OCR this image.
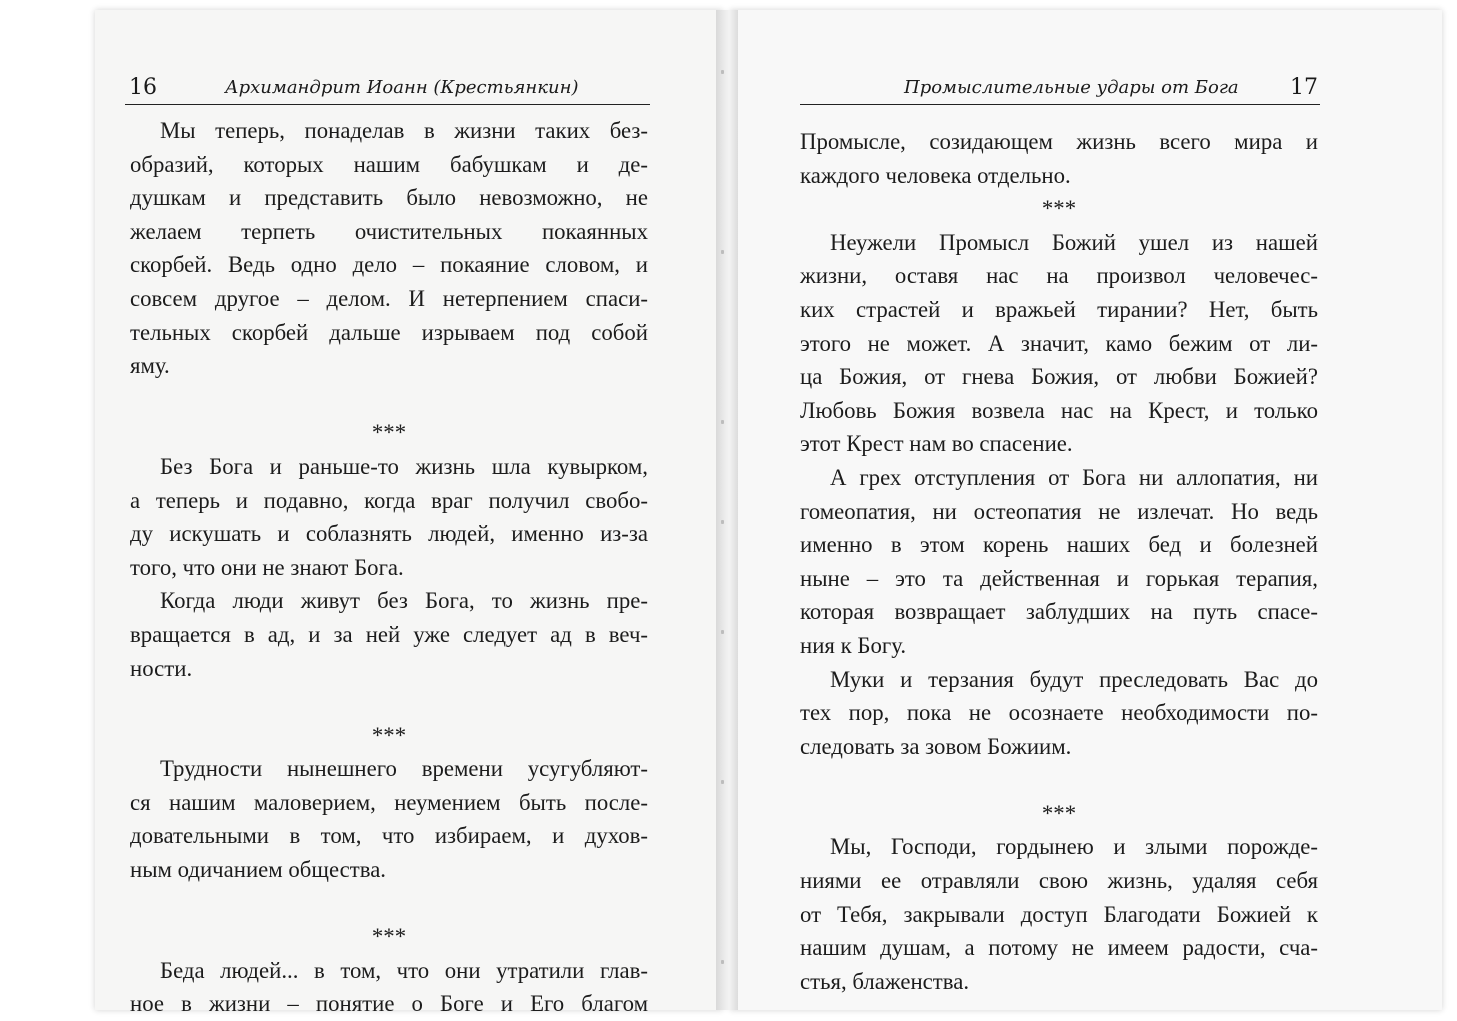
16	Архимандрит Иоанн (Крестьянкин)	Промыслительные удары от Бога 17
Мы теперь, понаделав в жизни таких без-
образий, которых нашим бабушкам и де-
душкам и представить было невозможно, не
желаем терпеть очистительных покаянных
скорбей. Ведь одно дело – покаяние словом, и
совсем другое – делом. И нетерпением спаси-
тельных скорбей дальше изрываем под собой
яму.
***
Без Бога и раньше-то жизнь шла кувырком,
а теперь и подавно, когда враг получил свобо-
ду искушать и соблазнять людей, именно из-за
того, что они не знают Бога.
Когда люди живут без Бога, то жизнь пре-
вращается в ад, и за ней уже следует ад в веч-
ности.
***
Трудности нынешнего времени усугубляют-
ся нашим маловерием, неумением быть после-
довательными в том, что избираем, и духов-
ным одичанием общества.
***
Беда людей... в том, что они утратили глав-
ное в жизни – понятие о Боге и Его благом
Промысле, созидающем жизнь всего мира и
каждого человека отдельно.
***
Неужели Промысл Божий ушел из нашей
жизни, оставя нас на произвол человечес-
ких страстей и вражьей тирании? Нет, быть
этого не может. А значит, камо бежим от ли-
ца Божия, от гнева Божия, от любви Божией?
Любовь Божия возвела нас на Крест, и только
этот Крест нам во спасение.
А грех отступления от Бога ни аллопатия, ни
гомеопатия, ни остеопатия не излечат. Но ведь
именно в этом корень наших бед и болезней
ныне – это та действенная и горькая терапия,
которая возвращает заблудших на путь спасе-
ния к Богу.
Муки и терзания будут преследовать Вас до
тех пор, пока не осознаете необходимости по-
следовать за зовом Божиим.
***
Мы, Господи, гордынею и злыми порожде-
ниями ее отравляли свою жизнь, удаляя себя
от Тебя, закрывали доступ Благодати Божией к
нашим душам, а потому не имеем радости, сча-
стья, блаженства.
